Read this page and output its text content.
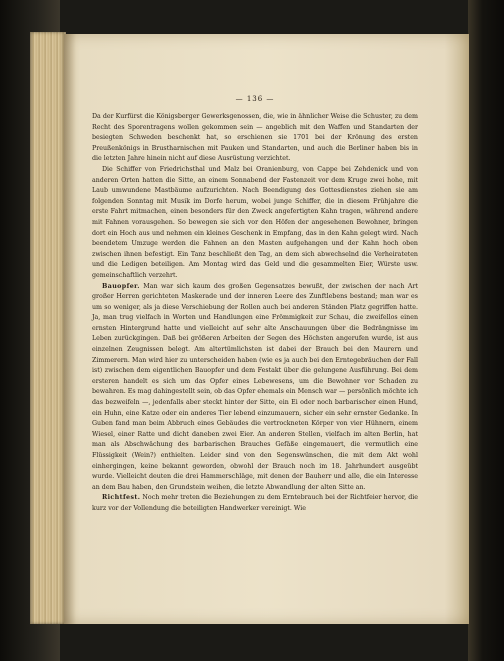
— 136 —

Da der Kurfürst die Königsberger Gewerksgenossen, die, wie in ähnlicher Weise die Schuster, zu dem Recht des Sporentragens wollen gekommen sein — angeblich mit den Waffen und Standarten der besiegten Schweden beschenkt hat, so erschienen sie 1701 bei der Krönung des ersten Preußenkönigs in Brustharnischen mit Pauken und Standarten, und auch die Berliner haben bis in die letzten Jahre hinein nicht auf diese Ausrüstung verzichtet.

Die Schiffer von Friedrichsthal und Malz bei Oranienburg, von Cappe bei Zehdenick und von anderen Orten hatten die Sitte, an einem Sonnabend der Fastenzeit vor dem Kruge zwei hohe, mit Laub umwundene Mastbäume aufzurichten. Nach Beendigung des Gottesdienstes ziehen sie am folgenden Sonntag mit Musik im Dorfe herum, wobei junge Schiffer, die in diesem Frühjahre die erste Fahrt mitmachen, einen besonders für den Zweck angefertigten Kahn tragen, während andere mit Fahnen vorausgehen. So bewegen sie sich vor den Höfen der angesehenen Bewohner, bringen dort ein Hoch aus und nehmen ein kleines Geschenk in Empfang, das in den Kahn gelegt wird. Nach beendetem Umzuge werden die Fahnen an den Masten aufgehangen und der Kahn hoch oben zwischen ihnen befestigt. Ein Tanz beschließt den Tag, an dem sich abwechselnd die Verheirateten und die Ledigen beteiligen. Am Montag wird das Geld und die gesammelten Eier, Würste usw. gemeinschaftlich verzehrt.

Bauopfer. Man war sich kaum des großen Gegensatzes bewußt, der zwischen der nach Art großer Herren gerichteten Maskerade und der inneren Leere des Zunftlebens bestand; man war es um so weniger, als ja diese Verschiebung der Rollen auch bei anderen Ständen Platz gegriffen hatte. Ja, man trug vielfach in Worten und Handlungen eine Frömmigkeit zur Schau, die zweifellos einen ernsten Hintergrund hatte und vielleicht auf sehr alte Anschauungen über die Bedrängnisse im Leben zurückgingen. Daß bei größeren Arbeiten der Segen des Höchsten angerufen wurde, ist aus einzelnen Zeugnissen belegt. Am altertümlichsten ist dabei der Brauch bei den Maurern und Zimmerern. Man wird hier zu unterscheiden haben (wie es ja auch bei den Erntegebräuchen der Fall ist) zwischen dem eigentlichen Bauopfer und dem Festakt über die gelungene Ausführung. Bei dem ersteren handelt es sich um das Opfer eines Lebewesens, um die Bewohner vor Schaden zu bewahren. Es mag dahingestellt sein, ob das Opfer ehemals ein Mensch war — persönlich möchte ich das bezweifeln —, jedenfalls aber steckt hinter der Sitte, ein Ei oder noch barbarischer einen Hund, ein Huhn, eine Katze oder ein anderes Tier lebend einzumauern, sicher ein sehr ernster Gedanke. In Guben fand man beim Abbruch eines Gebäudes die vertrockneten Körper von vier Hühnern, einem Wiesel, einer Ratte und dicht daneben zwei Eier. An anderen Stellen, vielfach im alten Berlin, hat man als Abschwächung des barbarischen Brauches Gefäße eingemauert, die vermutlich eine Flüssigkeit (Wein?) enthielten. Leider sind von den Segenswünschen, die mit dem Akt wohl einhergingen, keine bekannt geworden, obwohl der Brauch noch im 18. Jahrhundert ausgeübt wurde. Vielleicht deuten die drei Hammerschläge, mit denen der Bauherr und alle, die ein Interesse an dem Bau haben, den Grundstein weihen, die letzte Abwandlung der alten Sitte an.

Richtfest. Noch mehr treten die Beziehungen zu dem Erntebrauch bei der Richtfeier hervor, die kurz vor der Vollendung die beteiligten Handwerker vereinigt. Wie
